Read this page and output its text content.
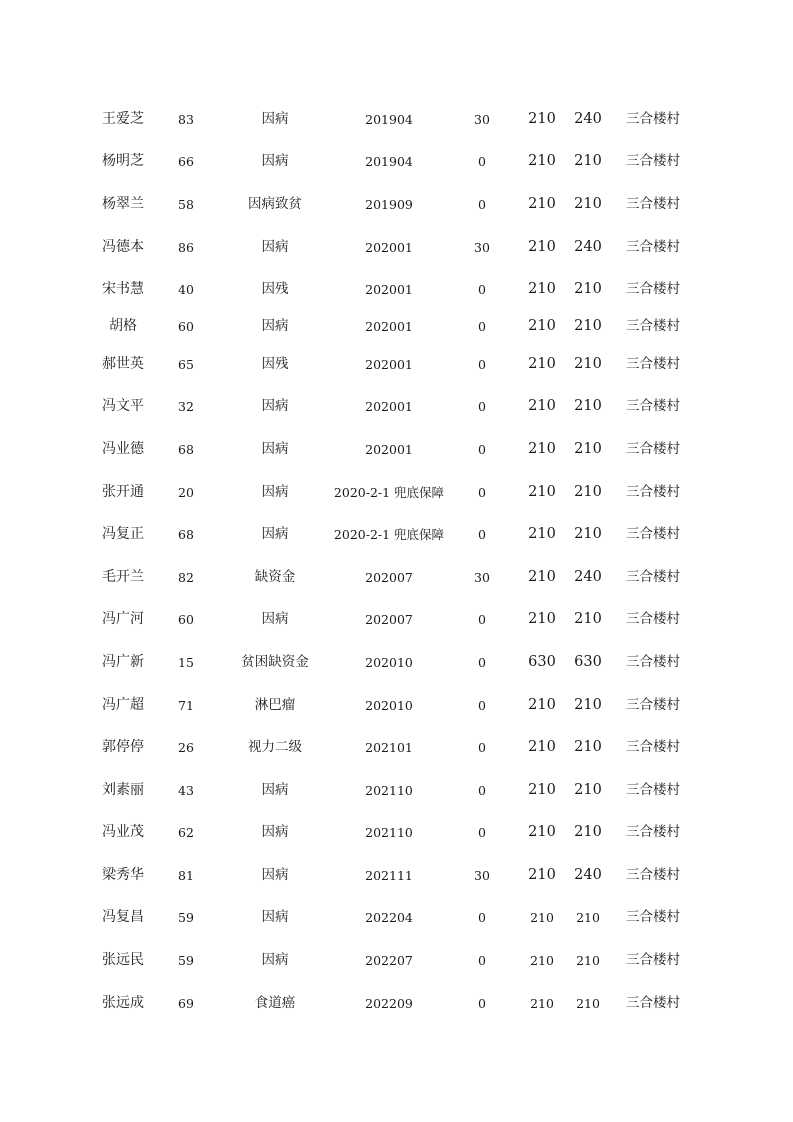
王爱芝	83	因病	201904	30	210	240	三合楼村
杨明芝	66	因病	201904	0	210	210	三合楼村
杨翠兰	58	因病致贫	201909	0	210	210	三合楼村
冯德本	86	因病	202001	30	210	240	三合楼村
宋书慧	40	因残	202001	0	210	210	三合楼村
胡格	60	因病	202001	0	210	210	三合楼村
郝世英	65	因残	202001	0	210	210	三合楼村
冯文平	32	因病	202001	0	210	210	三合楼村
冯业德	68	因病	202001	0	210	210	三合楼村
张开通	20	因病	2020-2-1 兜底保障	0	210	210	三合楼村
冯复正	68	因病	2020-2-1 兜底保障	0	210	210	三合楼村
毛开兰	82	缺资金	202007	30	210	240	三合楼村
冯广河	60	因病	202007	0	210	210	三合楼村
冯广新	15	贫困缺资金	202010	0	630	630	三合楼村
冯广超	71	淋巴瘤	202010	0	210	210	三合楼村
郭停停	26	视力二级	202101	0	210	210	三合楼村
刘素丽	43	因病	202110	0	210	210	三合楼村
冯业茂	62	因病	202110	0	210	210	三合楼村
梁秀华	81	因病	202111	30	210	240	三合楼村
冯复昌	59	因病	202204	0	210	210	三合楼村
张远民	59	因病	202207	0	210	210	三合楼村
张远成	69	食道癌	202209	0	210	210	三合楼村
